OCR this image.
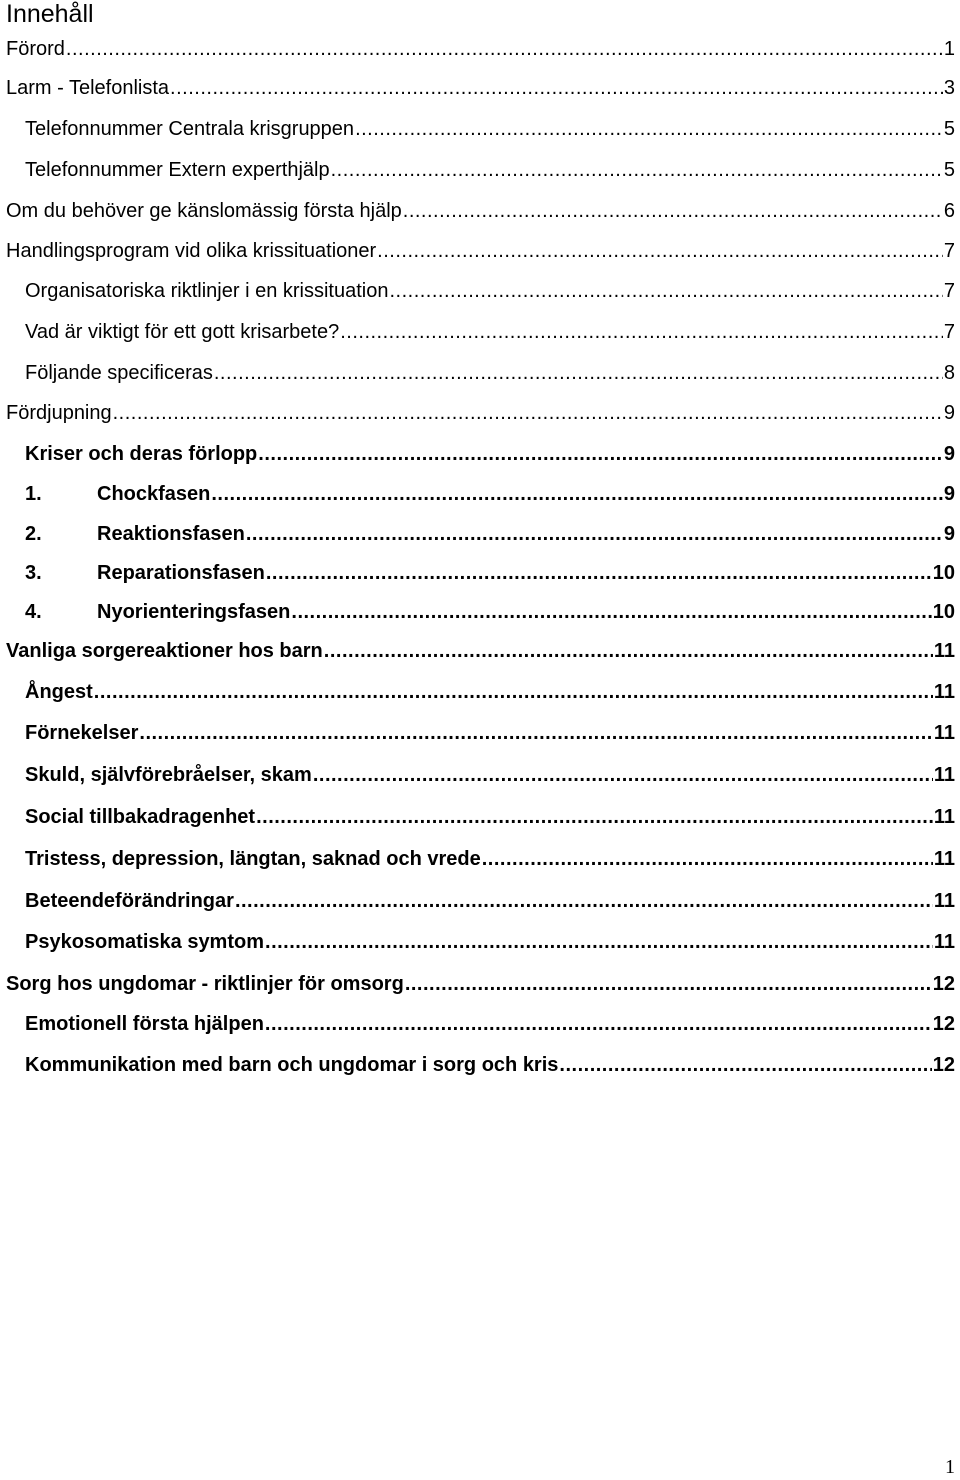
Innehåll
Förord .....	1
Larm - Telefonlista .....	3
Telefonnummer Centrala krisgruppen .....	5
Telefonnummer Extern experthjälp .....	5
Om du behöver ge känslomässig första hjälp .....	6
Handlingsprogram vid olika krissituationer .....	7
Organisatoriska riktlinjer i en krissituation .....	7
Vad är viktigt för ett gott krisarbete? .....	7
Följande specificeras .....	8
Fördjupning .....	9
Kriser och deras förlopp .....	9
1.	Chockfasen .....	9
2.	Reaktionsfasen .....	9
3.	Reparationsfasen .....	10
4.	Nyorienteringsfasen .....	10
Vanliga sorgereaktioner hos barn .....	11
Ångest .....	11
Förnekelser .....	11
Skuld, självförebråelser, skam .....	11
Social tillbakadragenhet .....	11
Tristess, depression, längtan, saknad och vrede .....	11
Beteendeförändringar .....	11
Psykosomatiska symtom .....	11
Sorg hos ungdomar - riktlinjer för omsorg .....	12
Emotionell första hjälpen .....	12
Kommunikation med barn och ungdomar i sorg och kris .....	12
1
